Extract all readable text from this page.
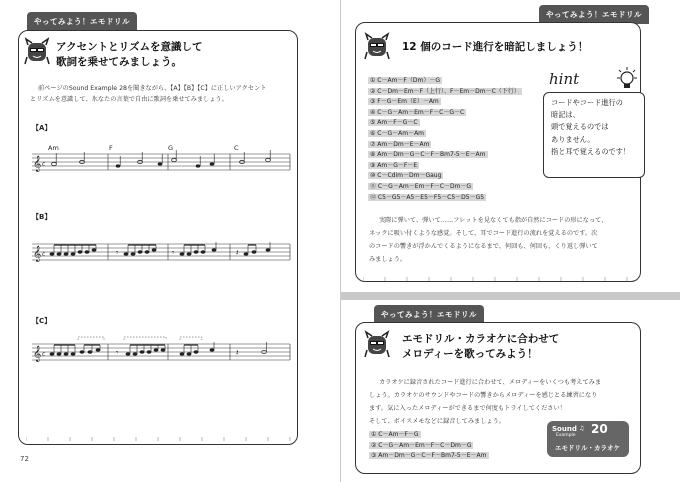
やってみよう！エモドリル
アクセントとリズムを意識して
歌詞を乗せてみましょう。
前ページのSound Example 28を聞きながら、【A】【B】【C】に正しいアクセント
とリズムを意識して、氷なたの言葉で自由に歌詞を乗せてみましょう。
【A】
Am	F	G	C
𝄞 c
【B】
𝄞 c	𝄾	𝄾	𝄽
【C】
𝄞 c	𝄾	𝄽
72
やってみよう！エモドリル
12 個のコード進行を暗記しましょう！
① C－Am－F（Dm）－G
② C－Dm－Em－F（上行）、F－Em－Dm－C（下行）
③ F－G－Em（E）－Am
④ C－G－Am－Em－F－C－G－C
⑤ Am－F－G－C
⑥ C－G－Am－Am
⑦ Am－Dm－E－Am
⑧ Am－Dm－G－C－F－Bm7-5－E－Am
⑨ Am－G－F－E
⑩ C－Cdim－Dm－Gaug
⑪ C－G－Am－Em－F－C－Dm－G
⑫ C5－G5－A5－E5－F5－C5－D5－G5
hint
コードやコード進行の
暗記は、
頭で覚えるのでは
ありません。
指と耳で覚えるのです！
実際に弾いて、弾いて……フレットを見なくても指が自然にコードの形になって、
ネックに吸い付くような感覚。そして、耳でコード進行の流れを覚えるのです。次
のコードの響きが浮かんでくるようになるまで、何回も、何回も、くり返し弾いて
みましょう。
やってみよう！エモドリル
エモドリル・カラオケに合わせて
メロディーを歌ってみよう！
カラオケに録音されたコード進行に合わせて、メロディーをいくつも考えてみま
しょう。カラオケのサウンドやコードの響きからメロディーを感じとる練習になり
ます。気に入ったメロディーができるまで何度もトライしてください！
そして、ボイスメモなどに録音してみましょう。
① C－Am－F－G
② C－G－Am－Em－F－C－Dm－G
③ Am－Dm－G－C－F－Bm7-5－E－Am
Sound
Example
♫ 20
エモドリル・カラオケ
